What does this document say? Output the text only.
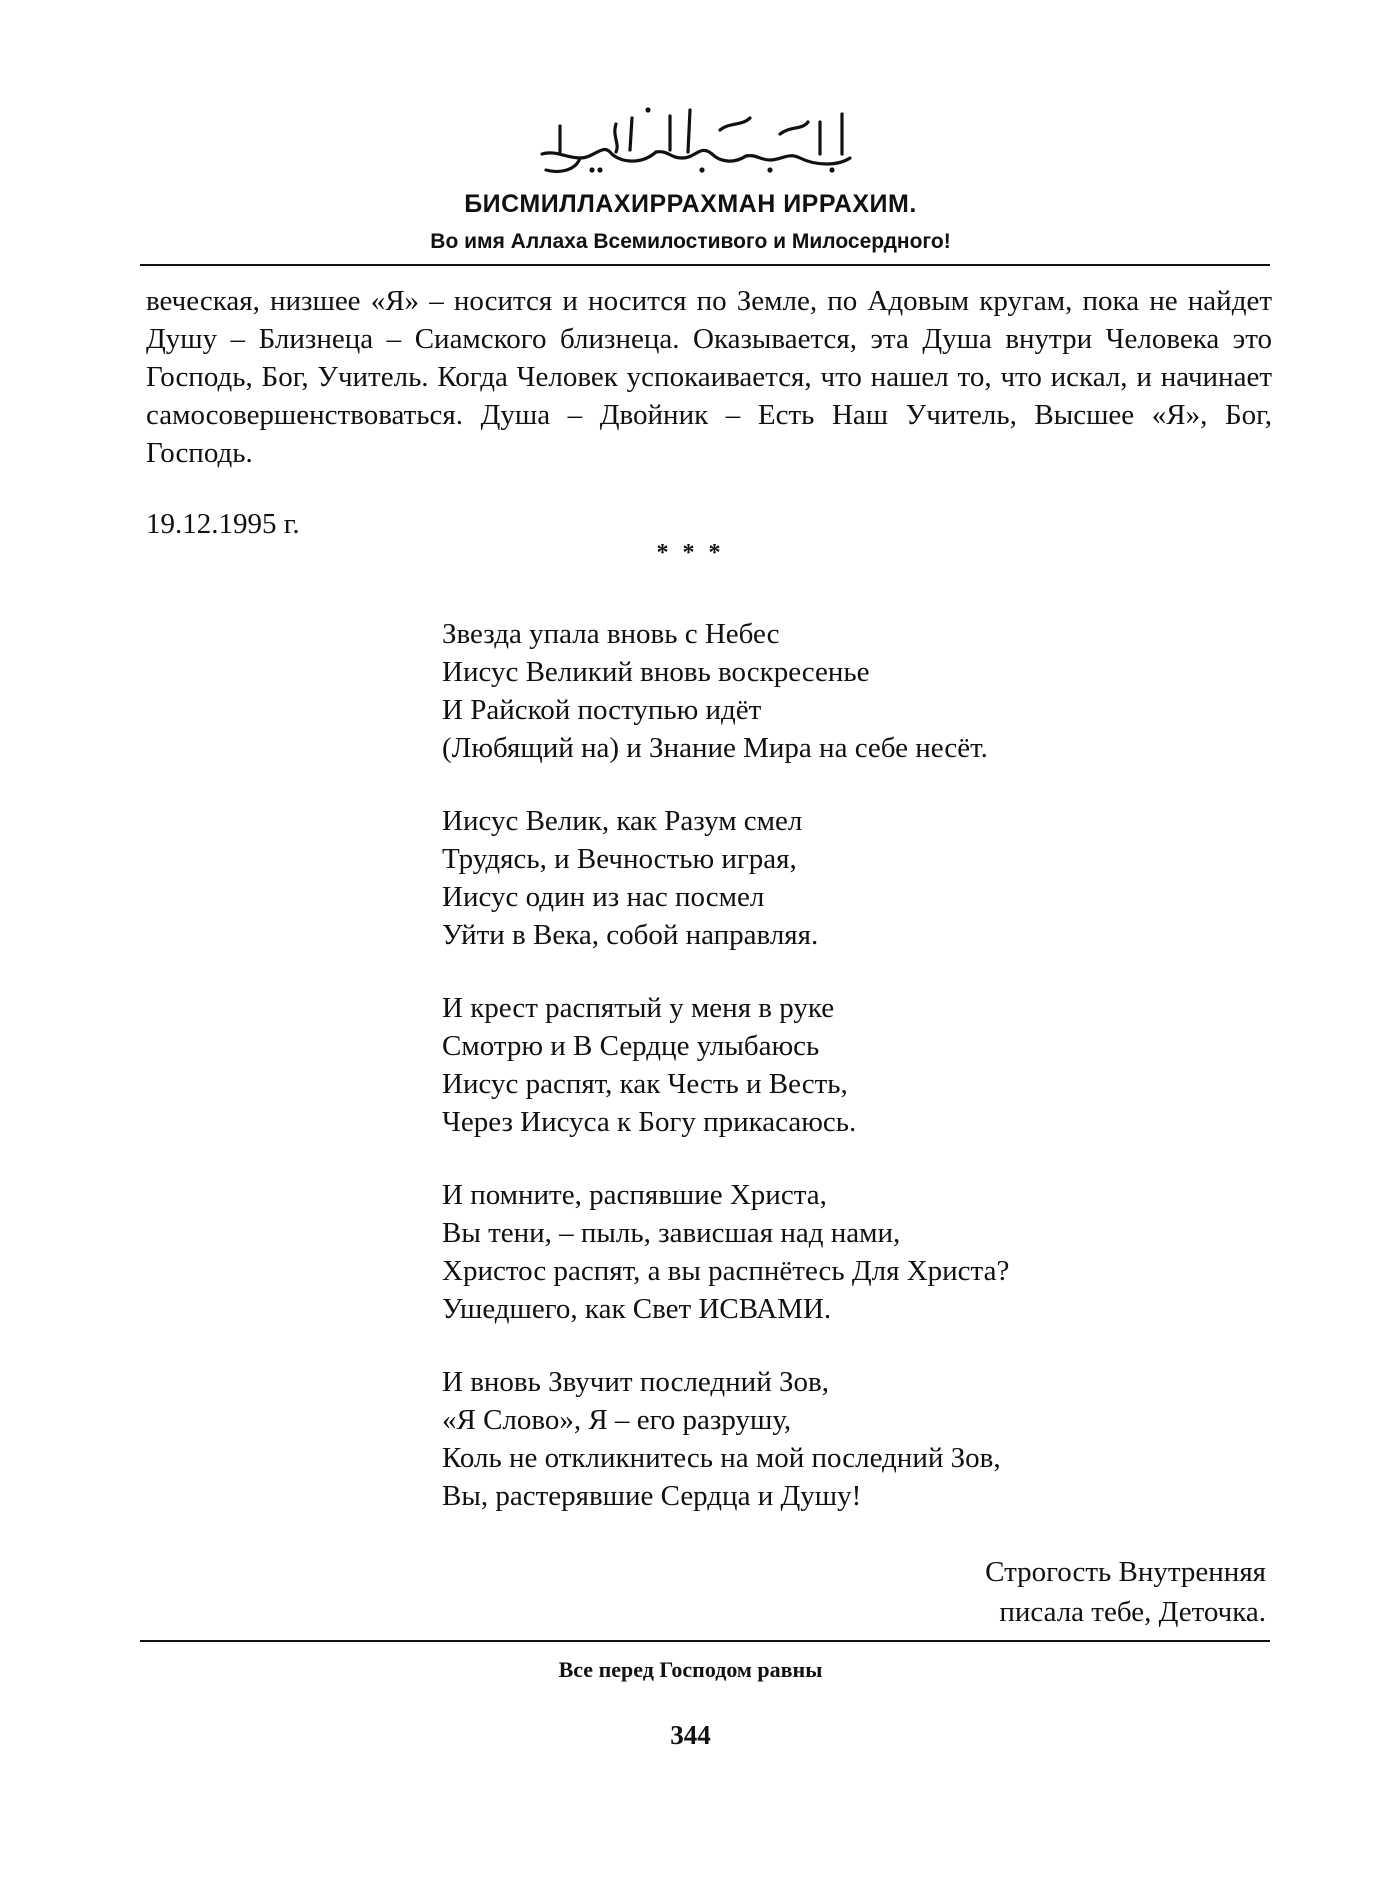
БИСМИЛЛАХИРРАХМАН ИРРАХИМ.
Во имя Аллаха Всемилостивого и Милосердного!

веческая, низшее «Я» – носится и носится по Земле, по Адовым кругам, пока не найдет Душу – Близнеца – Сиамского близнеца. Оказывается, эта Душа внутри Человека это Господь, Бог, Учитель. Когда Человек успокаивается, что нашел то, что искал, и начинает самосовершенствоваться. Душа – Двойник – Есть Наш Учитель, Высшее «Я», Бог, Господь.

19.12.1995 г.
* * *
Звезда упала вновь с Небес
Иисус Великий вновь воскресенье
И Райской поступью идёт
(Любящий на) и Знание Мира на себе несёт.
Иисус Велик, как Разум смел
Трудясь, и Вечностью играя,
Иисус один из нас посмел
Уйти в Века, собой направляя.
И крест распятый у меня в руке
Смотрю и В Сердце улыбаюсь
Иисус распят, как Честь и Весть,
Через Иисуса к Богу прикасаюсь.
И помните, распявшие Христа,
Вы тени, – пыль, зависшая над нами,
Христос распят, а вы распнётесь Для Христа?
Ушедшего, как Свет ИСВАМИ.
И вновь Звучит последний Зов,
«Я Слово», Я – его разрушу,
Коль не откликнитесь на мой последний Зов,
Вы, растерявшие Сердца и Душу!
Строгость Внутренняя
писала тебе, Деточка.
Все перед Господом равны
344
